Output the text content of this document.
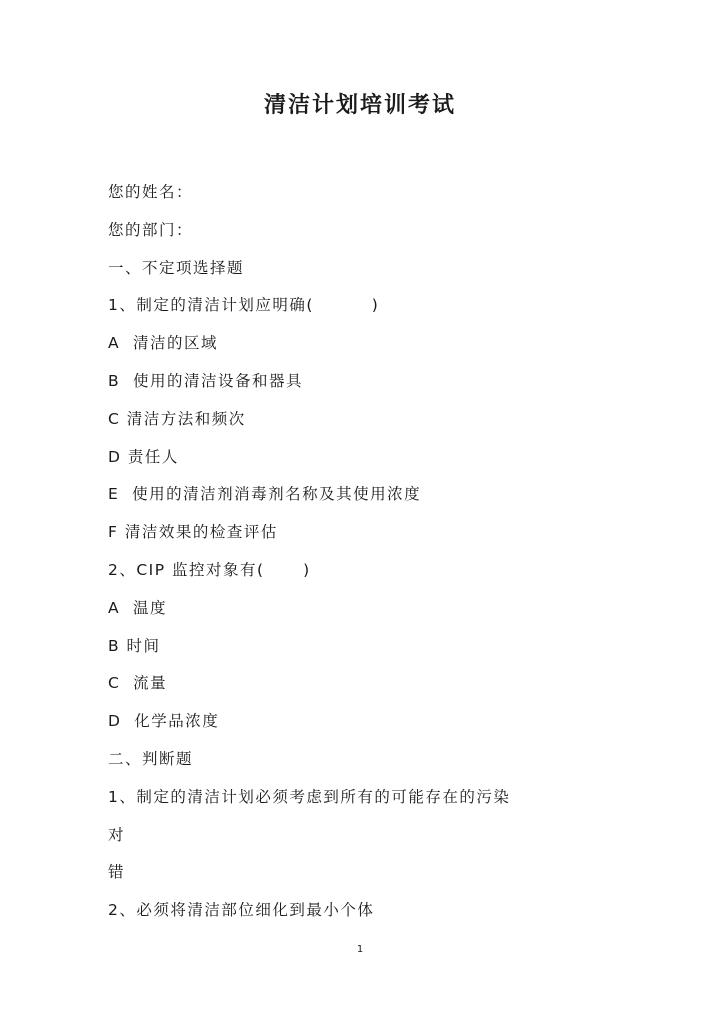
清洁计划培训考试
您的姓名：
您的部门：
一、不定项选择题
1、制定的清洁计划应明确(         )
A  清洁的区域
B  使用的清洁设备和器具
C 清洁方法和频次
D 责任人
E  使用的清洁剂消毒剂名称及其使用浓度
F 清洁效果的检查评估
2、CIP 监控对象有(      )
A  温度
B 时间
C  流量
D  化学品浓度
二、判断题
1、制定的清洁计划必须考虑到所有的可能存在的污染
对
错
2、必须将清洁部位细化到最小个体
1
